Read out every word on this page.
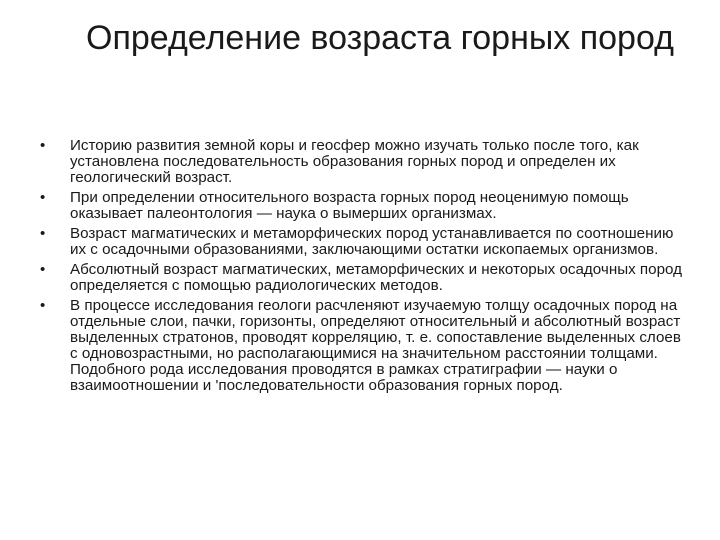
Определение возраста горных пород
•	Историю развития земной коры и геосфер можно изучать только после того, как установлена последовательность образования горных пород и определен их геологический возраст.
•	При определении относительного возраста горных пород неоценимую помощь оказывает палеонтология — наука о вымерших организмах.
•	Возраст магматических и метаморфических пород устанавливается по соотношению их с осадочными образованиями, заключающими остатки ископаемых организмов.
•	Абсолютный возраст магматических, метаморфических и некоторых осадочных пород определяется с помощью радиологических методов.
•	В процессе исследования геологи расчленяют изучаемую толщу осадочных пород на отдельные слои, пачки, горизонты, определяют относительный и абсолютный возраст выделенных стратонов, проводят корреляцию, т. е. сопоставление выделенных слоев с одновозрастными, но располагающимися на значительном расстоянии толщами. Подобного рода исследования проводятся в рамках стратиграфии — науки о взаимоотношении и 'последовательности образования горных пород.
